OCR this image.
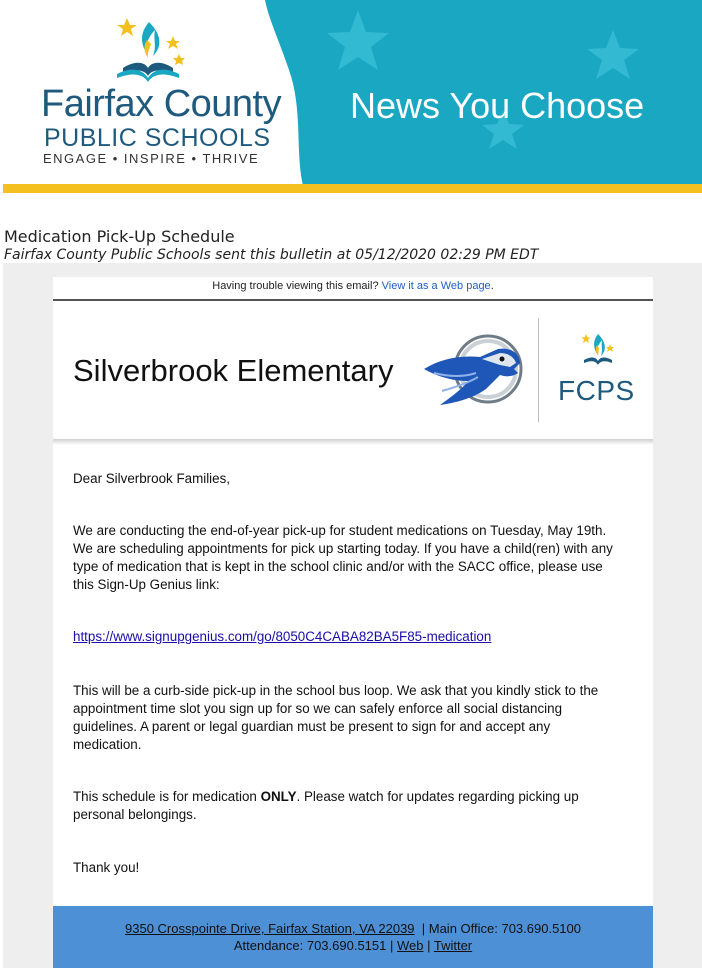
Fairfax County
PUBLIC SCHOOLS
ENGAGE • INSPIRE • THRIVE
News You Choose
Medication Pick-Up Schedule
Fairfax County Public Schools sent this bulletin at 05/12/2020 02:29 PM EDT
Having trouble viewing this email? View it as a Web page.
Silverbrook Elementary
FCPS
Dear Silverbrook Families,
We are conducting the end-of-year pick-up for student medications on Tuesday, May 19th. We are scheduling appointments for pick up starting today. If you have a child(ren) with any type of medication that is kept in the school clinic and/or with the SACC office, please use this Sign-Up Genius link:
https://www.signupgenius.com/go/8050C4CABA82BA5F85-medication
This will be a curb-side pick-up in the school bus loop. We ask that you kindly stick to the appointment time slot you sign up for so we can safely enforce all social distancing guidelines. A parent or legal guardian must be present to sign for and accept any medication.
This schedule is for medication ONLY. Please watch for updates regarding picking up personal belongings.
Thank you!
9350 Crosspointe Drive, Fairfax Station, VA 22039  | Main Office: 703.690.5100
Attendance: 703.690.5151 | Web | Twitter
